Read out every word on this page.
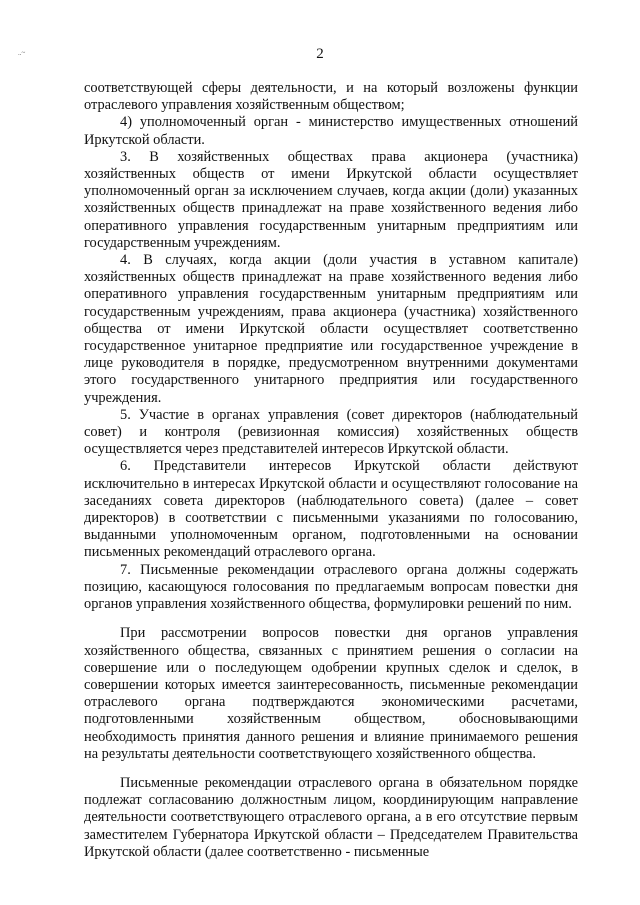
..~	2

соответствующей сферы деятельности, и на который возложены функции отраслевого управления хозяйственным обществом;

4) уполномоченный орган - министерство имущественных отношений Иркутской области.

3. В хозяйственных обществах права акционера (участника) хозяйственных обществ от имени Иркутской области осуществляет уполномоченный орган за исключением случаев, когда акции (доли) указанных хозяйственных обществ принадлежат на праве хозяйственного ведения либо оперативного управления государственным унитарным предприятиям или государственным учреждениям.

4. В случаях, когда акции (доли участия в уставном капитале) хозяйственных обществ принадлежат на праве хозяйственного ведения либо оперативного управления государственным унитарным предприятиям или государственным учреждениям, права акционера (участника) хозяйственного общества от имени Иркутской области осуществляет соответственно государственное унитарное предприятие или государственное учреждение в лице руководителя в порядке, предусмотренном внутренними документами этого государственного унитарного предприятия или государственного учреждения.

5. Участие в органах управления (совет директоров (наблюдательный совет) и контроля (ревизионная комиссия) хозяйственных обществ осуществляется через представителей интересов Иркутской области.

6. Представители интересов Иркутской области действуют исключительно в интересах Иркутской области и осуществляют голосование на заседаниях совета директоров (наблюдательного совета) (далее – совет директоров) в соответствии с письменными указаниями по голосованию, выданными уполномоченным органом, подготовленными на основании письменных рекомендаций отраслевого органа.

7. Письменные рекомендации отраслевого органа должны содержать позицию, касающуюся голосования по предлагаемым вопросам повестки дня органов управления хозяйственного общества, формулировки решений по ним.

При рассмотрении вопросов повестки дня органов управления хозяйственного общества, связанных с принятием решения о согласии на совершение или о последующем одобрении крупных сделок и сделок, в совершении которых имеется заинтересованность, письменные рекомендации отраслевого органа подтверждаются экономическими расчетами, подготовленными хозяйственным обществом, обосновывающими необходимость принятия данного решения и влияние принимаемого решения на результаты деятельности соответствующего хозяйственного общества.

Письменные рекомендации отраслевого органа в обязательном порядке подлежат согласованию должностным лицом, координирующим направление деятельности соответствующего отраслевого органа, а в его отсутствие первым заместителем Губернатора Иркутской области – Председателем Правительства Иркутской области (далее соответственно - письменные
